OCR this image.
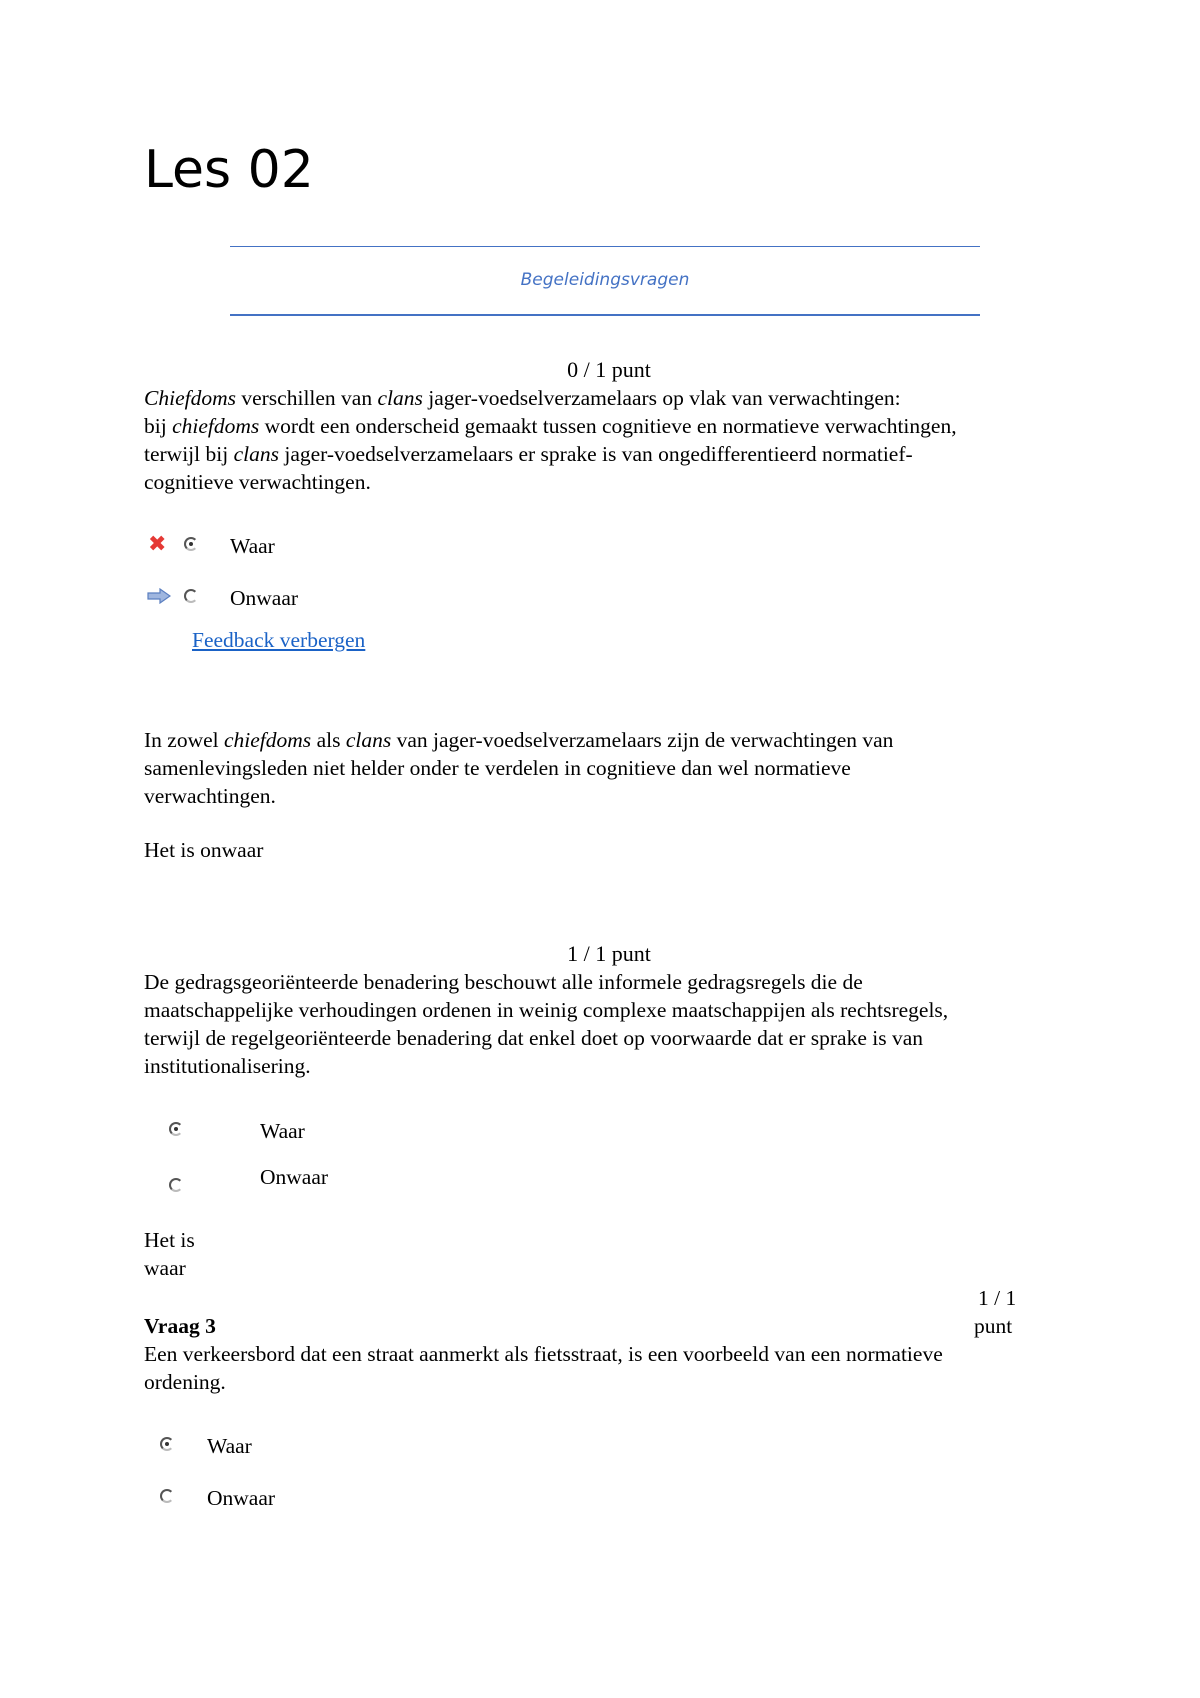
Les 02
Begeleidingsvragen
0 / 1 punt
Chiefdoms verschillen van clans jager-voedselverzamelaars op vlak van verwachtingen:
bij chiefdoms wordt een onderscheid gemaakt tussen cognitieve en normatieve verwachtingen,
terwijl bij clans jager-voedselverzamelaars er sprake is van ongedifferentieerd normatief-
cognitieve verwachtingen.
✖	Waar
Onwaar
Feedback verbergen
In zowel chiefdoms als clans van jager-voedselverzamelaars zijn de verwachtingen van
samenlevingsleden niet helder onder te verdelen in cognitieve dan wel normatieve
verwachtingen.
Het is onwaar
1 / 1 punt
De gedragsgeoriënteerde benadering beschouwt alle informele gedragsregels die de
maatschappelijke verhoudingen ordenen in weinig complexe maatschappijen als rechtsregels,
terwijl de regelgeoriënteerde benadering dat enkel doet op voorwaarde dat er sprake is van
institutionalisering.
Waar
Onwaar
Het is
waar
1 / 1
punt
Vraag 3
Een verkeersbord dat een straat aanmerkt als fietsstraat, is een voorbeeld van een normatieve
ordening.
Waar
Onwaar
